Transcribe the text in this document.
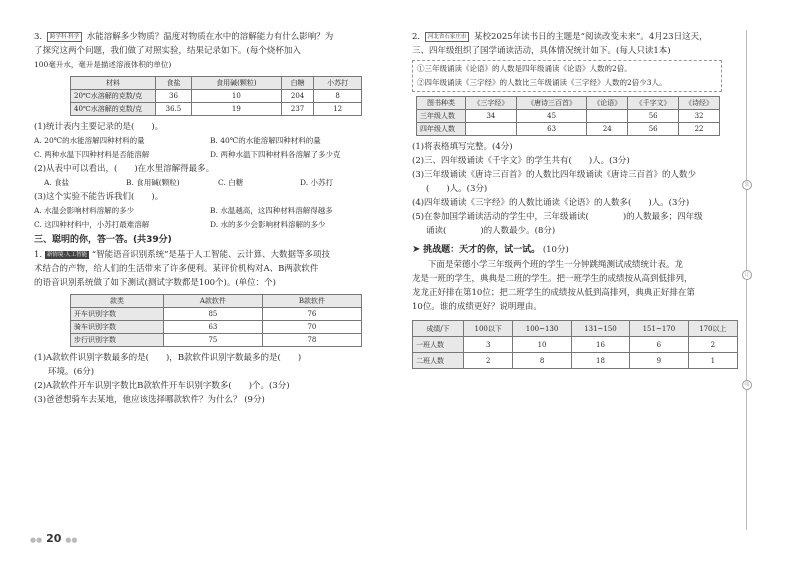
3. 跨学科·科学 水能溶解多少物质？温度对物质在水中的溶解能力有什么影响？为
了探究这两个问题，我们做了对照实验，结果记录如下。(每个烧杯加入
100毫升水，毫升是描述溶液体积的单位)
材料	食盐	食用碱(颗粒)	白糖	小苏打
20℃水溶解的克数/克	36	10	204	8
40℃水溶解的克数/克	36.5	19	237	12
(1)统计表内主要记录的是(　　)。
A. 20℃的水能溶解四种材料的量	B. 40℃的水能溶解四种材料的量
C. 两种水温下四种材料是否能溶解	D. 两种水温下四种材料各溶解了多少克
(2)从表中可以看出，(　　)在水里溶解得最多。
A. 食盐	B. 食用碱(颗粒)	C. 白糖	D. 小苏打
(3)这个实验不能告诉我们(　　)。
A. 水温会影响材料溶解的多少	B. 水温越高，这四种材料溶解得越多
C. 这四种材料中，小苏打最难溶解	D. 水的多少会影响材料溶解的多少
三、聪明的你，答一答。(共39分)
1. 新情境·人工智能 “智能语音识别系统”是基于人工智能、云计算、大数据等多项技
术结合的产物，给人们的生活带来了许多便利。某评价机构对A、B两款软件
的语音识别系统做了如下测试(测试字数都是100个)。(单位：个)
款类	A款软件	B款软件
开车识别字数	85	76
骑车识别字数	63	70
步行识别字数	75	78
(1)A款软件识别字数最多的是(　　)，B款软件识别字数最多的是(　　)
环境。(6分)
(2)A款软件开车识别字数比B款软件开车识别字数多(　　)个。(3分)
(3)爸爸想骑车去某地，他应该选择哪款软件？为什么？ (9分)
2. 河北省石家庄市 某校2025年读书日的主题是“阅读改变未来”。4月23日这天，
三、四年级组织了国学诵读活动，具体情况统计如下。(每人只读1本)
①三年级诵读《论语》的人数是四年级诵读《论语》人数的2倍。
②四年级诵读《三字经》的人数比三年级诵读《三字经》人数的2倍少3人。
图书种类	《三字经》	《唐诗三百首》	《论语》	《千字文》	《诗经》
三年级人数	34	45		56	32
四年级人数		63	24	56	22
(1)将表格填写完整。(4分)
(2)三、四年级诵读《千字文》的学生共有(　　)人。(3分)
(3)三年级诵读《唐诗三百首》的人数比四年级诵读《唐诗三百首》的人数少
(　　)人。(3分)
(4)四年级诵读《三字经》的人数比诵读《论语》的人数多(　　)人。(3分)
(5)在参加国学诵读活动的学生中，三年级诵读(　　　　)的人数最多；四年级
诵读(　　　　)的人数最少。(8分)
➤ 挑战题：天才的你，试一试。 (10分)
下面是荣德小学三年级两个班的学生一分钟跳绳测试成绩统计表。龙
龙是一班的学生，典典是二班的学生。把一班学生的成绩按从高到低排列，
龙龙正好排在第10位；把二班学生的成绩按从低到高排列，典典正好排在第
10位。谁的成绩更好？说明理由。
成绩/下	100以下	100~130	131~150	151~170	170以上
一班人数	3	10	16	6	2
二班人数	2	8	18	9	1
装
订
线
●● 20 ●●
